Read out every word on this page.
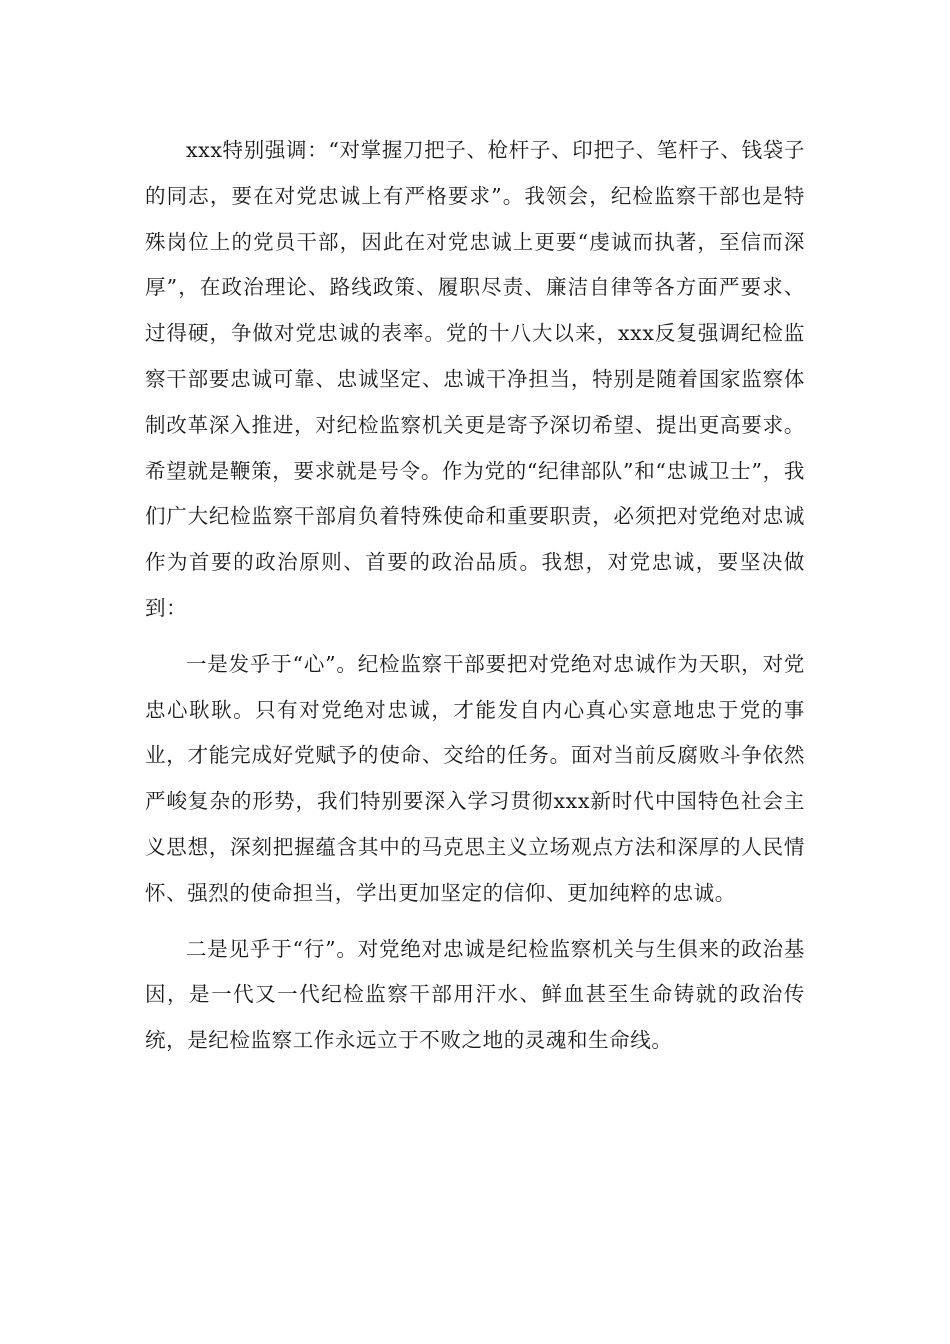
xxx特别强调：“对掌握刀把子、枪杆子、印把子、笔杆子、钱袋子的同志，要在对党忠诚上有严格要求”。我领会，纪检监察干部也是特殊岗位上的党员干部，因此在对党忠诚上更要“虔诚而执著，至信而深厚”，在政治理论、路线政策、履职尽责、廉洁自律等各方面严要求、过得硬，争做对党忠诚的表率。党的十八大以来，xxx反复强调纪检监察干部要忠诚可靠、忠诚坚定、忠诚干净担当，特别是随着国家监察体制改革深入推进，对纪检监察机关更是寄予深切希望、提出更高要求。希望就是鞭策，要求就是号令。作为党的“纪律部队”和“忠诚卫士”，我们广大纪检监察干部肩负着特殊使命和重要职责，必须把对党绝对忠诚作为首要的政治原则、首要的政治品质。我想，对党忠诚，要坚决做到：

一是发乎于“心”。纪检监察干部要把对党绝对忠诚作为天职，对党忠心耿耿。只有对党绝对忠诚，才能发自内心真心实意地忠于党的事业，才能完成好党赋予的使命、交给的任务。面对当前反腐败斗争依然严峻复杂的形势，我们特别要深入学习贯彻xxx新时代中国特色社会主义思想，深刻把握蕴含其中的马克思主义立场观点方法和深厚的人民情怀、强烈的使命担当，学出更加坚定的信仰、更加纯粹的忠诚。

二是见乎于“行”。对党绝对忠诚是纪检监察机关与生俱来的政治基因，是一代又一代纪检监察干部用汗水、鲜血甚至生命铸就的政治传统，是纪检监察工作永远立于不败之地的灵魂和生命线。
